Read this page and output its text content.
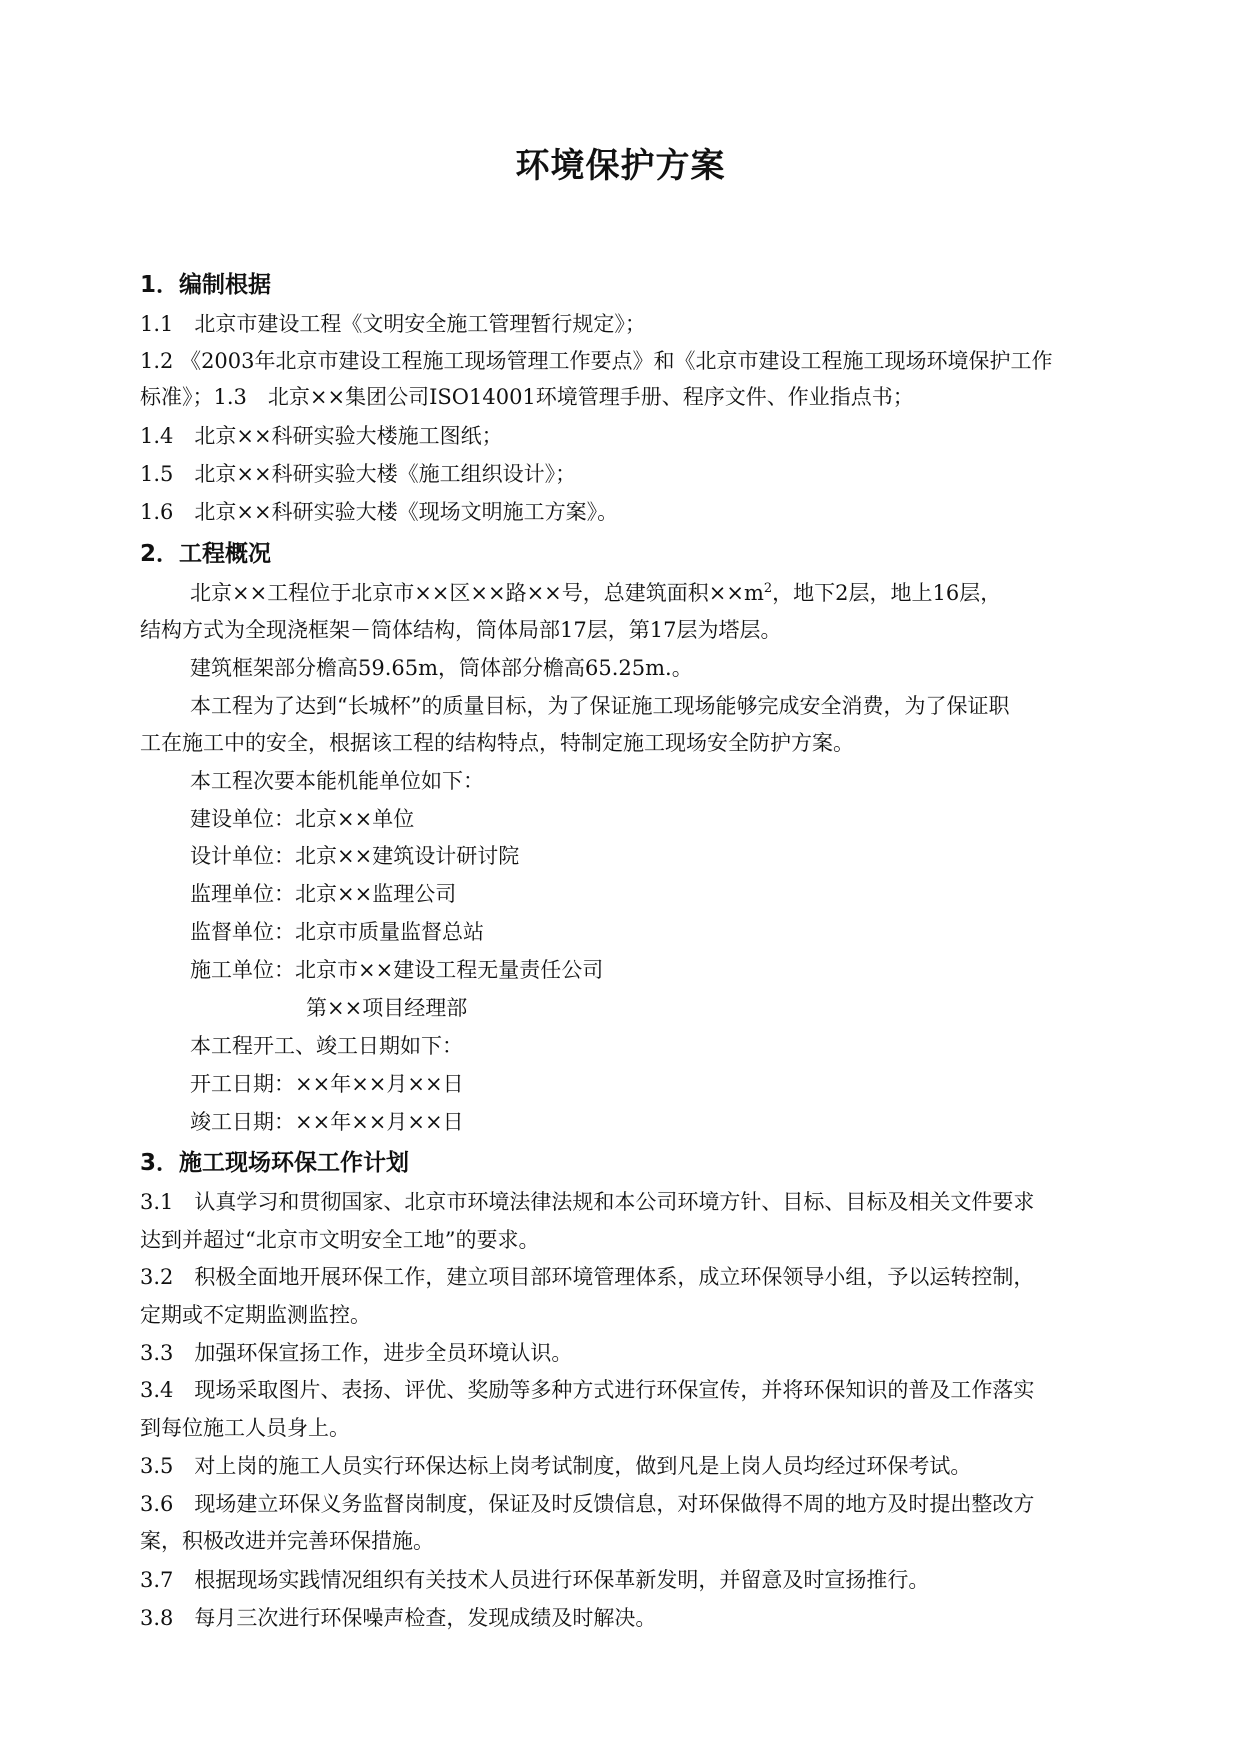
环境保护方案
1．编制根据
1.1　北京市建设工程《文明安全施工管理暂行规定》；
1.2 《2003年北京市建设工程施工现场管理工作要点》和《北京市建设工程施工现场环境保护工作
标准》；1.3　北京××集团公司ISO14001环境管理手册、程序文件、作业指点书；
1.4　北京××科研实验大楼施工图纸；
1.5　北京××科研实验大楼《施工组织设计》；
1.6　北京××科研实验大楼《现场文明施工方案》。
2．工程概况
北京××工程位于北京市××区××路××号，总建筑面积$\times\times m^2$，地下2层，地上16层，
结构方式为全现浇框架－筒体结构，筒体局部17层，第17层为塔层。
建筑框架部分檐高59.65m，筒体部分檐高65.25m.。
本工程为了达到“长城杯”的质量目标，为了保证施工现场能够完成安全消费，为了保证职
工在施工中的安全，根据该工程的结构特点，特制定施工现场安全防护方案。
本工程次要本能机能单位如下：
建设单位：北京××单位
设计单位：北京××建筑设计研讨院
监理单位：北京××监理公司
监督单位：北京市质量监督总站
施工单位：北京市××建设工程无量责任公司
第××项目经理部
本工程开工、竣工日期如下：
开工日期：××年××月××日
竣工日期：××年××月××日
3．施工现场环保工作计划
3.1　认真学习和贯彻国家、北京市环境法律法规和本公司环境方针、目标、目标及相关文件要求
达到并超过“北京市文明安全工地”的要求。
3.2　积极全面地开展环保工作，建立项目部环境管理体系，成立环保领导小组，予以运转控制，
定期或不定期监测监控。
3.3　加强环保宣扬工作，进步全员环境认识。
3.4　现场采取图片、表扬、评优、奖励等多种方式进行环保宣传，并将环保知识的普及工作落实
到每位施工人员身上。
3.5　对上岗的施工人员实行环保达标上岗考试制度，做到凡是上岗人员均经过环保考试。
3.6　现场建立环保义务监督岗制度，保证及时反馈信息，对环保做得不周的地方及时提出整改方
案，积极改进并完善环保措施。
3.7　根据现场实践情况组织有关技术人员进行环保革新发明，并留意及时宣扬推行。
3.8　每月三次进行环保噪声检查，发现成绩及时解决。
